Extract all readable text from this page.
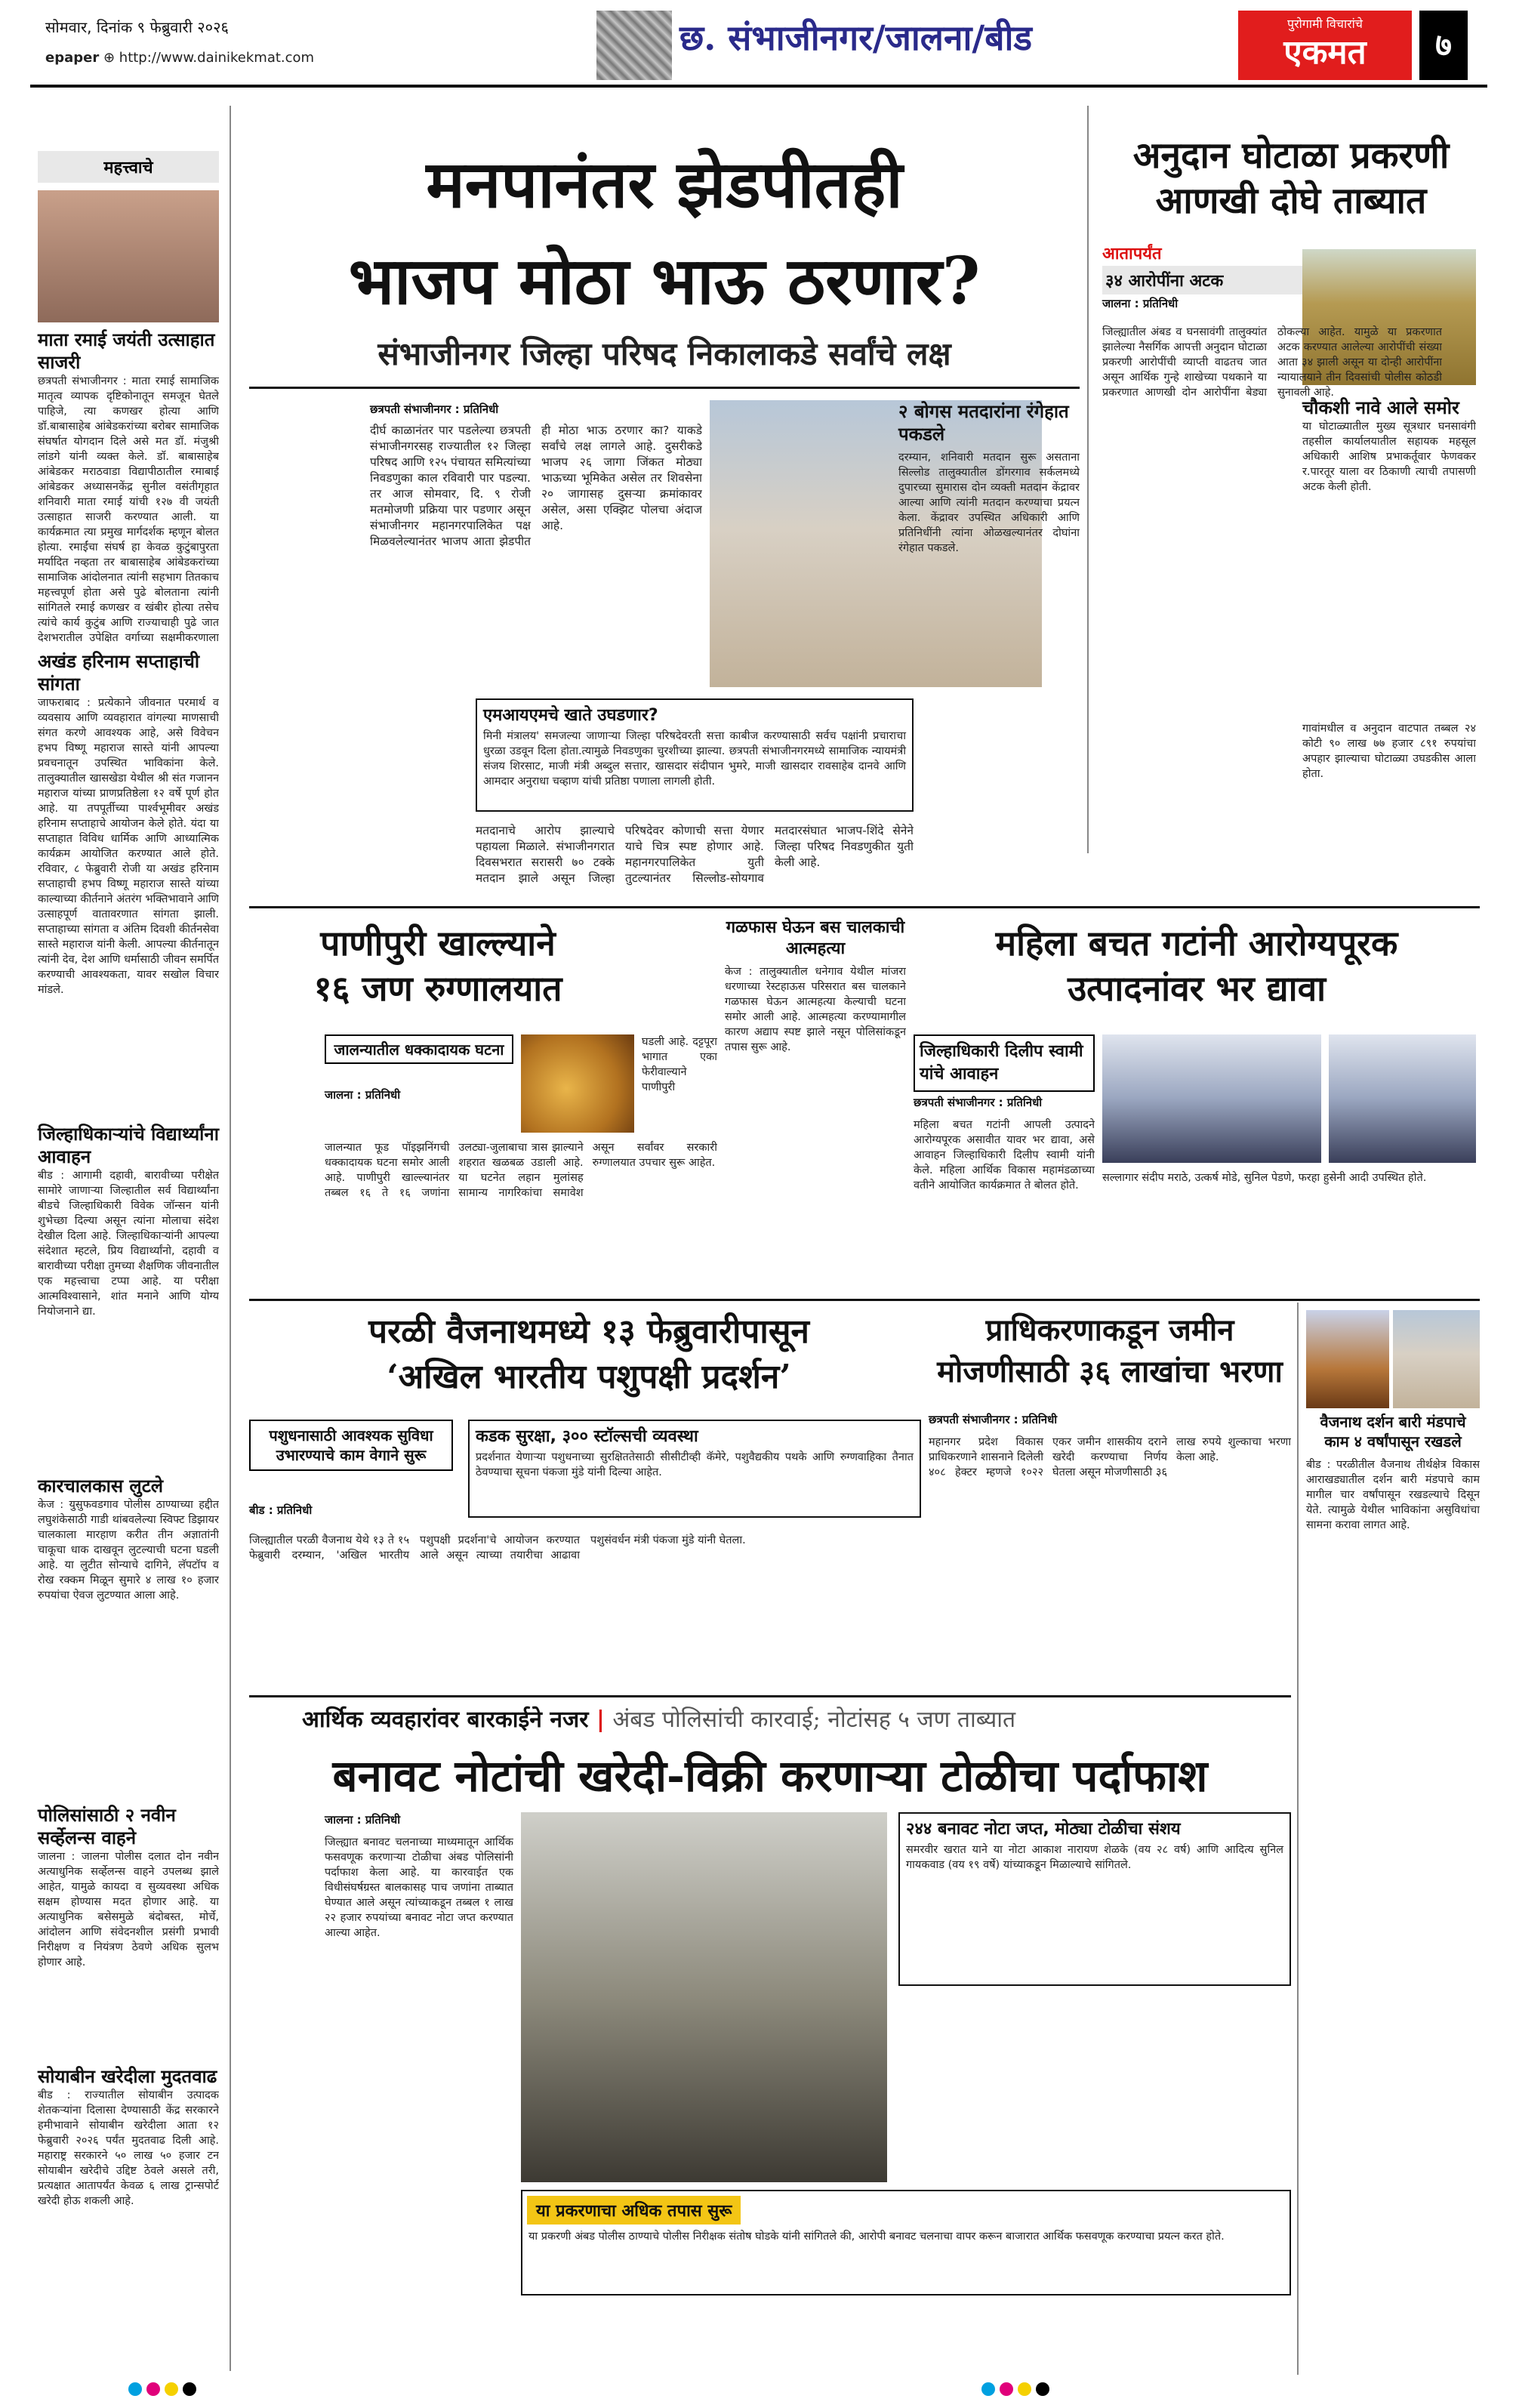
सोमवार, दिनांक ९ फेब्रुवारी २०२६
epaper ⊕ http://www.dainikekmat.com	छ. संभाजीनगर/जालना/बीड	पुरोगामी विचारांचे
एकमत	७
महत्त्वाचे
माता रमाई जयंती उत्साहात साजरी
छत्रपती संभाजीनगर : माता रमाई सामाजिक मातृत्व व्यापक दृष्टिकोनातून समजून घेतले पाहिजे, त्या कणखर होत्या आणि डॉ.बाबासाहेब आंबेडकरांच्या बरोबर सामाजिक संघर्षात योगदान दिले असे मत डॉ. मंजुश्री लांडगे यांनी व्यक्त केले. डॉ. बाबासाहेब आंबेडकर मराठवाडा विद्यापीठातील रमाबाई आंबेडकर अध्यासनकेंद्र सुनील वसंतीगृहात शनिवारी माता रमाई यांची १२७ वी जयंती उत्साहात साजरी करण्यात आली. या कार्यक्रमात त्या प्रमुख मार्गदर्शक म्हणून बोलत होत्या. रमाईंचा संघर्ष हा केवळ कुटुंबापुरता मर्यादित नव्हता तर बाबासाहेब आंबेडकरांच्या सामाजिक आंदोलनात त्यांनी सहभाग तितकाच महत्त्वपूर्ण होता असे पुढे बोलताना त्यांनी सांगितले रमाई कणखर व खंबीर होत्या तसेच त्यांचे कार्य कुटुंब आणि राज्याचाही पुढे जात देशभरातील उपेक्षित वर्गाच्या सक्षमीकरणाला
अखंड हरिनाम सप्ताहाची सांगता
जाफराबाद : प्रत्येकाने जीवनात परमार्थ व व्यवसाय आणि व्यवहारात वांगल्या माणसाची संगत करणे आवश्यक आहे, असे विवेचन हभप विष्णू महाराज सास्ते यांनी आपल्या प्रवचनातून उपस्थित भाविकांना केले. तालुक्यातील खासखेडा येथील श्री संत गजानन महाराज यांच्या प्राणप्रतिष्ठेला १२ वर्षे पूर्ण होत आहे. या तपपूर्तीच्या पार्श्वभूमीवर अखंड हरिनाम सप्ताहाचे आयोजन केले होते. यंदा या सप्ताहात विविध धार्मिक आणि आध्यात्मिक कार्यक्रम आयोजित करण्यात आले होते. रविवार, ८ फेब्रुवारी रोजी या अखंड हरिनाम सप्ताहाची हभप विष्णू महाराज सास्ते यांच्या काल्याच्या कीर्तनाने अंतरंग भक्तिभावाने आणि उत्साहपूर्ण वातावरणात सांगता झाली. सप्ताहाच्या सांगता व अंतिम दिवशी कीर्तनसेवा सास्ते महाराज यांनी केली. आपल्या कीर्तनातून त्यांनी देव, देश आणि धर्मासाठी जीवन समर्पित करण्याची आवश्यकता, यावर सखोल विचार मांडले.
जिल्हाधिकाऱ्यांचे विद्यार्थ्यांना आवाहन
बीड : आगामी दहावी, बारावीच्या परीक्षेत सामोरे जाणाऱ्या जिल्हातील सर्व विद्यार्थ्यांना बीडचे जिल्हाधिकारी विवेक जॉन्सन यांनी शुभेच्छा दिल्या असून त्यांना मोलाचा संदेश देखील दिला आहे. जिल्हाधिकाऱ्यांनी आपल्या संदेशात म्हटले, प्रिय विद्यार्थ्यांनो, दहावी व बारावीच्या परीक्षा तुमच्या शैक्षणिक जीवनातील एक महत्त्वाचा टप्पा आहे. या परीक्षा आत्मविश्वासाने, शांत मनाने आणि योग्य नियोजनाने द्या.
कारचालकास लुटले
केज : युसुफवडगाव पोलीस ठाण्याच्या हद्दीत लघुशंकेसाठी गाडी थांबवलेल्या स्विफ्ट डिझायर चालकाला मारहाण करीत तीन अज्ञातांनी चाकूचा धाक दाखवून लुटल्याची घटना घडली आहे. या लुटीत सोन्याचे दागिने, लॅपटॉप व रोख रक्कम मिळून सुमारे ४ लाख १० हजार रुपयांचा ऐवज लुटण्यात आला आहे.
पोलिसांसाठी २ नवीन सर्व्हेलन्स वाहने
जालना : जालना पोलीस दलात दोन नवीन अत्याधुनिक सर्व्हेलन्स वाहने उपलब्ध झाले आहेत, यामुळे कायदा व सुव्यवस्था अधिक सक्षम होण्यास मदत होणार आहे. या अत्याधुनिक बसेसमुळे बंदोबस्त, मोर्चे, आंदोलन आणि संवेदनशील प्रसंगी प्रभावी निरीक्षण व नियंत्रण ठेवणे अधिक सुलभ होणार आहे.
सोयाबीन खरेदीला मुदतवाढ
बीड : राज्यातील सोयाबीन उत्पादक शेतकऱ्यांना दिलासा देण्यासाठी केंद्र सरकारने हमीभावाने सोयाबीन खरेदीला आता १२ फेब्रुवारी २०२६ पर्यंत मुदतवाढ दिली आहे. महाराष्ट्र सरकारने ५० लाख ५० हजार टन सोयाबीन खरेदीचे उद्दिष्ट ठेवले असले तरी, प्रत्यक्षात आतापर्यंत केवळ ६ लाख ट्रान्सपोर्ट खरेदी होऊ शकली आहे.
मनपानंतर झेडपीतही
भाजप मोठा भाऊ ठरणार?
संभाजीनगर जिल्हा परिषद निकालाकडे सर्वांचे लक्ष
छत्रपती संभाजीनगर : प्रतिनिधी
दीर्घ काळानंतर पार पडलेल्या छत्रपती संभाजीनगरसह राज्यातील १२ जिल्हा परिषद आणि १२५ पंचायत समित्यांच्या निवडणुका काल रविवारी पार पडल्या. तर आज सोमवार, दि. ९ रोजी मतमोजणी प्रक्रिया पार पडणार असून संभाजीनगर महानगरपालिकेत पक्ष मिळवलेल्यानंतर भाजप आता झेडपीत ही मोठा भाऊ ठरणार का? याकडे सर्वांचे लक्ष लागले आहे. दुसरीकडे भाजप २६ जागा जिंकत मोठ्या भाऊच्या भूमिकेत असेल तर शिवसेना २० जागासह दुसऱ्या क्रमांकावर असेल, असा एक्झिट पोलचा अंदाज आहे.
एमआयएमचे खाते उघडणार?
मिनी मंत्रालय' समजल्या जाणाऱ्या जिल्हा परिषदेवरती सत्ता काबीज करण्यासाठी सर्वच पक्षांनी प्रचाराचा धुरळा उडवून दिला होता.त्यामुळे निवडणुका चुरशीच्या झाल्या. छत्रपती संभाजीनगरमध्ये सामाजिक न्यायमंत्री संजय शिरसाट, माजी मंत्री अब्दुल सत्तार, खासदार संदीपान भुमरे, माजी खासदार रावसाहेब दानवे आणि आमदार अनुराधा चव्हाण यांची प्रतिष्ठा पणाला लागली होती.
मतदानाचे आरोप झाल्याचे पहायला मिळाले. संभाजीनगरात दिवसभरात सरासरी ७० टक्के मतदान झाले असून जिल्हा परिषदेवर कोणाची सत्ता येणार याचे चित्र स्पष्ट होणार आहे. महानगरपालिकेत युती तुटल्यानंतर सिल्लोड-सोयगाव मतदारसंघात भाजप-शिंदे सेनेने जिल्हा परिषद निवडणुकीत युती केली आहे.
२ बोगस मतदारांना रंगेहात पकडले
दरम्यान, शनिवारी मतदान सुरू असताना सिल्लोड तालुक्यातील डोंगरगाव सर्कलमध्ये दुपारच्या सुमारास दोन व्यक्ती मतदान केंद्रावर आल्या आणि त्यांनी मतदान करण्याचा प्रयत्न केला. केंद्रावर उपस्थित अधिकारी आणि प्रतिनिधींनी त्यांना ओळखल्यानंतर दोघांना रंगेहात पकडले.
अनुदान घोटाळा प्रकरणी
आणखी दोघे ताब्यात
आतापर्यंत
३४ आरोपींना अटक
जालना : प्रतिनिधी
जिल्ह्यातील अंबड व घनसावंगी तालुक्यांत झालेल्या नैसर्गिक आपत्ती अनुदान घोटाळा प्रकरणी आरोपींची व्याप्ती वाढतच जात असून आर्थिक गुन्हे शाखेच्या पथकाने या प्रकरणात आणखी दोन आरोपींना बेड्या ठोकल्या आहेत. यामुळे या प्रकरणात अटक करण्यात आलेल्या आरोपींची संख्या आता ३४ झाली असून या दोन्ही आरोपींना न्यायालयाने तीन दिवसांची पोलीस कोठडी सुनावली आहे.
चौकशी नावे आले समोर
या घोटाळ्यातील मुख्य सूत्रधार घनसावंगी तहसील कार्यालयातील सहायक महसूल अधिकारी आशिष प्रभाकर्तूवार फेणवकर र.पारतूर याला वर ठिकाणी त्याची तपासणी अटक केली होती.
गावांमधील व अनुदान वाटपात तब्बल २४ कोटी ९० लाख ७७ हजार ८९१ रुपयांचा अपहार झाल्याचा घोटाळ्या उघडकीस आला होता.
पाणीपुरी खाल्ल्याने
१६ जण रुग्णालयात
जालन्यातील धक्कादायक घटना	घडली आहे. दट्टपूरा भागात एका फेरीवाल्याने पाणीपुरी
जालना : प्रतिनिधी
जालन्यात फूड पॉइझनिंगची धक्कादायक घटना समोर आली आहे. पाणीपुरी खाल्ल्यानंतर तब्बल १६ ते १६ जणांना उलट्या-जुलाबाचा त्रास झाल्याने शहरात खळबळ उडाली आहे. या घटनेत लहान मुलांसह सामान्य नागरिकांचा समावेश असून सर्वांवर सरकारी रुग्णालयात उपचार सुरू आहेत.
गळफास घेऊन बस चालकाची आत्महत्या
केज : तालुक्यातील धनेगाव येथील मांजरा धरणाच्या रेस्टहाऊस परिसरात बस चालकाने गळफास घेऊन आत्महत्या केल्याची घटना समोर आली आहे. आत्महत्या करण्यामागील कारण अद्याप स्पष्ट झाले नसून पोलिसांकडून तपास सुरू आहे.
महिला बचत गटांनी आरोग्यपूरक
उत्पादनांवर भर द्यावा
जिल्हाधिकारी दिलीप स्वामी यांचे आवाहन
छत्रपती संभाजीनगर : प्रतिनिधी
महिला बचत गटांनी आपली उत्पादने आरोग्यपूरक असावीत यावर भर द्यावा, असे आवाहन जिल्हाधिकारी दिलीप स्वामी यांनी केले. महिला आर्थिक विकास महामंडळाच्या वतीने आयोजित कार्यक्रमात ते बोलत होते.
सल्लागार संदीप मराठे, उत्कर्ष मोडे, सुनिल पेडणे, फरहा हुसेनी आदी उपस्थित होते.
परळी वैजनाथमध्ये १३ फेब्रुवारीपासून
‘अखिल भारतीय पशुपक्षी प्रदर्शन’
पशुधनासाठी आवश्यक सुविधा उभारण्याचे काम वेगाने सुरू
बीड : प्रतिनिधी
कडक सुरक्षा, ३०० स्टॉल्सची व्यवस्था
प्रदर्शनात येणाऱ्या पशुधनाच्या सुरक्षिततेसाठी सीसीटीव्ही कॅमेरे, पशुवैद्यकीय पथके आणि रुग्णवाहिका तैनात ठेवण्याचा सूचना पंकजा मुंडे यांनी दिल्या आहेत.
जिल्ह्यातील परळी वैजनाथ येथे १३ ते १५ फेब्रुवारी दरम्यान, 'अखिल भारतीय पशुपक्षी प्रदर्शना'चे आयोजन करण्यात आले असून त्याच्या तयारीचा आढावा पशुसंवर्धन मंत्री पंकजा मुंडे यांनी घेतला.
प्राधिकरणाकडून जमीन
मोजणीसाठी ३६ लाखांचा भरणा
छत्रपती संभाजीनगर : प्रतिनिधी
महानगर प्रदेश विकास प्राधिकरणाने शासनाने दिलेली ४०८ हेक्टर म्हणजे १०२२ एकर जमीन शासकीय दराने खरेदी करण्याचा निर्णय घेतला असून मोजणीसाठी ३६ लाख रुपये शुल्काचा भरणा केला आहे.
वैजनाथ दर्शन बारी मंडपाचे काम ४ वर्षांपासून रखडले
बीड : परळीतील वैजनाथ तीर्थक्षेत्र विकास आराखड्यातील दर्शन बारी मंडपाचे काम मागील चार वर्षांपासून रखडल्याचे दिसून येते. त्यामुळे येथील भाविकांना असुविधांचा सामना करावा लागत आहे.
आर्थिक व्यवहारांवर बारकाईने नजर | अंबड पोलिसांची कारवाई; नोटांसह ५ जण ताब्यात
बनावट नोटांची खरेदी-विक्री करणाऱ्या टोळीचा पर्दाफाश
जालना : प्रतिनिधी
जिल्ह्यात बनावट चलनाच्या माध्यमातून आर्थिक फसवणूक करणाऱ्या टोळीचा अंबड पोलिसांनी पर्दाफाश केला आहे. या कारवाईत एक विधीसंघर्षग्रस्त बालकासह पाच जणांना ताब्यात घेण्यात आले असून त्यांच्याकडून तब्बल १ लाख २२ हजार रुपयांच्या बनावट नोटा जप्त करण्यात आल्या आहेत.
२४४ बनावट नोटा जप्त, मोठ्या टोळीचा संशय
समरवीर खरात याने या नोटा आकाश नारायण शेळके (वय २८ वर्ष) आणि आदित्य सुनिल गायकवाड (वय १९ वर्षे) यांच्याकडून मिळाल्याचे सांगितले.
या प्रकरणाचा अधिक तपास सुरू
या प्रकरणी अंबड पोलीस ठाण्याचे पोलीस निरीक्षक संतोष घोडके यांनी सांगितले की, आरोपी बनावट चलनाचा वापर करून बाजारात आर्थिक फसवणूक करण्याचा प्रयत्न करत होते.
